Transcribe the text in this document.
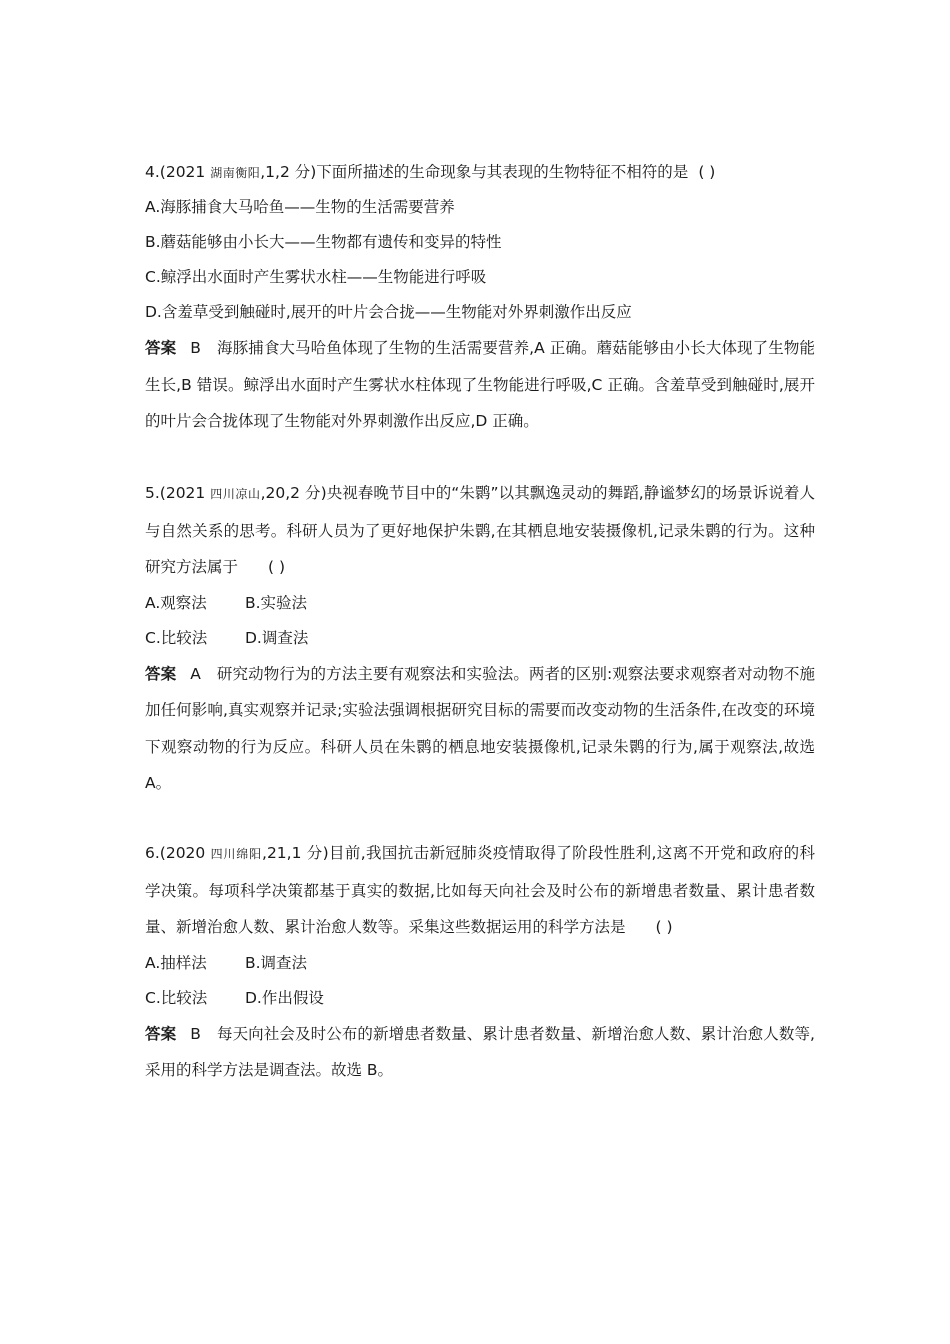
4.(2021 湖南衡阳,1,2 分)下面所描述的生命现象与其表现的生物特征不相符的是 ( )
A.海豚捕食大马哈鱼——生物的生活需要营养
B.蘑菇能够由小长大——生物都有遗传和变异的特性
C.鲸浮出水面时产生雾状水柱——生物能进行呼吸
D.含羞草受到触碰时,展开的叶片会合拢——生物能对外界刺激作出反应
答案 B 海豚捕食大马哈鱼体现了生物的生活需要营养,A 正确。蘑菇能够由小长大体现了生物能生长,B 错误。鲸浮出水面时产生雾状水柱体现了生物能进行呼吸,C 正确。含羞草受到触碰时,展开的叶片会合拢体现了生物能对外界刺激作出反应,D 正确。
5.(2021 四川凉山,20,2 分)央视春晚节目中的“朱鹮”以其飘逸灵动的舞蹈,静谧梦幻的场景诉说着人与自然关系的思考。科研人员为了更好地保护朱鹮,在其栖息地安装摄像机,记录朱鹮的行为。这种研究方法属于 ( )
A.观察法 B.实验法
C.比较法 D.调查法
答案 A 研究动物行为的方法主要有观察法和实验法。两者的区别:观察法要求观察者对动物不施加任何影响,真实观察并记录;实验法强调根据研究目标的需要而改变动物的生活条件,在改变的环境下观察动物的行为反应。科研人员在朱鹮的栖息地安装摄像机,记录朱鹮的行为,属于观察法,故选 A。
6.(2020 四川绵阳,21,1 分)目前,我国抗击新冠肺炎疫情取得了阶段性胜利,这离不开党和政府的科学决策。每项科学决策都基于真实的数据,比如每天向社会及时公布的新增患者数量、累计患者数量、新增治愈人数、累计治愈人数等。采集这些数据运用的科学方法是 ( )
A.抽样法 B.调查法
C.比较法 D.作出假设
答案 B 每天向社会及时公布的新增患者数量、累计患者数量、新增治愈人数、累计治愈人数等,采用的科学方法是调查法。故选 B。
